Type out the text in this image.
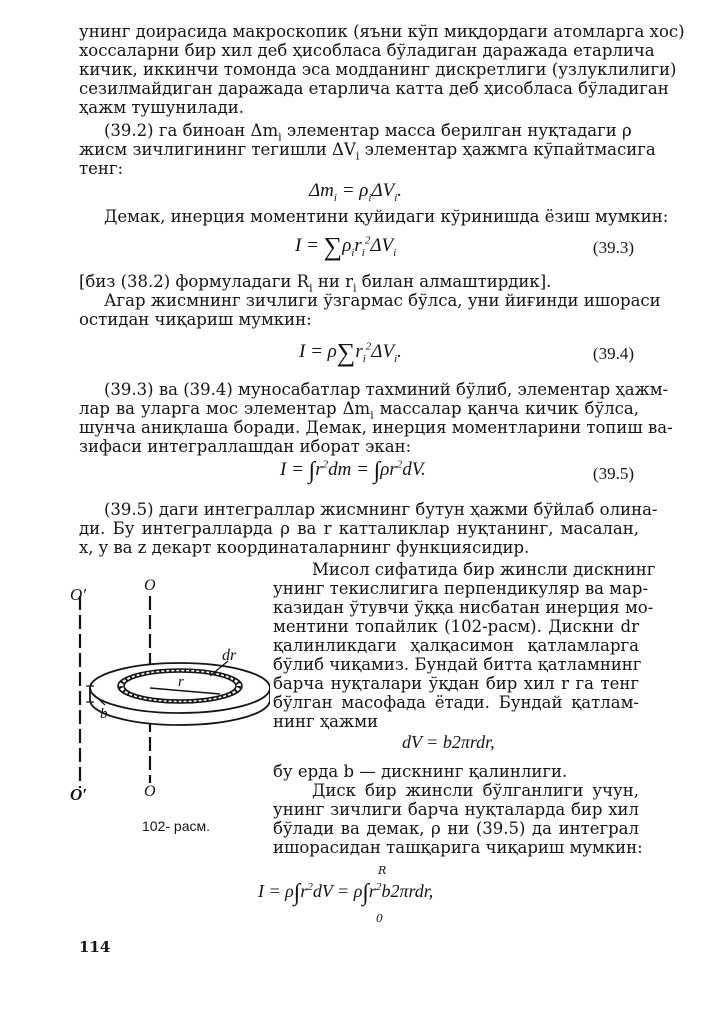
унинг доирасида макроскопик (яъни кўп миқдордаги атомларга хос)
хоссаларни бир хил деб ҳисобласа бўладиган даражада етарлича
кичик, иккинчи томонда эса модданинг дискретлиги (узлуклилиги)
сезилмайдиган даражада етарлича катта деб ҳисобласа бўладиган
ҳажм тушунилади.
(39.2) га биноан $\Delta m_i$ элементар масса берилган нуқтадаги ρ
жисм зичлигининг тегишли $\Delta V_i$ элементар ҳажмга кўпайтмасига
тенг:
$\Delta m_i = \rho_i\Delta V_i$.
Демак, инерция моментини қуйидаги кўринишда ёзиш мумкин:
$I = \sum\rho_ir_i^2\Delta V_i$	(39.3)
[биз (38.2) формуладаги $R_i$ ни $r_i$ билан алмаштирдик].
Агар жисмнинг зичлиги ўзгармас бўлса, уни йиғинди ишораси
остидан чиқариш мумкин:
$I = \rho\sum r_i^2\Delta V_i$.	(39.4)
(39.3) ва (39.4) муносабатлар тахминий бўлиб, элементар ҳажм-
лар ва уларга мос элементар $\Delta m_i$ массалар қанча кичик бўлса,
шунча аниқлаша боради. Демак, инерция моментларини топиш ва-
зифаси интеграллашдан иборат экан:
$I = \int r^2dm = \int\rho r^2dV$.	(39.5)
(39.5) даги интеграллар жисмнинг бутун ҳажми бўйлаб олина-
ди. Бу интегралларда ρ ва r катталиклар нуқтанинг, масалан,
x, y ва z декарт координаталарнинг функциясидир.
Мисол сифатида бир жинсли дискнинг
унинг текислигига перпендикуляр ва мар-
казидан ўтувчи ўққа нисбатан инерция мо-
ментини топайлик (102-расм). Дискни dr
қалинликдаги ҳалқасимон қатламларга
бўлиб чиқамиз. Бундай битта қатламнинг
барча нуқталари ўқдан бир хил r га тенг
бўлган масофада ётади. Бундай қатлам-
нинг ҳажми
dV = b2πrdr,
бу ерда b — дискнинг қалинлиги.
Диск бир жинсли бўлганлиги учун,
унинг зичлиги барча нуқталарда бир хил
бўлади ва демак, ρ ни (39.5) да интеграл
ишорасидан ташқарига чиқариш мумкин:
$I = \rho\int r^2dV = \rho\int r^2b2\pi rdr$,
R
0
O′	O
O′	O
dr
r
b
102- расм.
114
